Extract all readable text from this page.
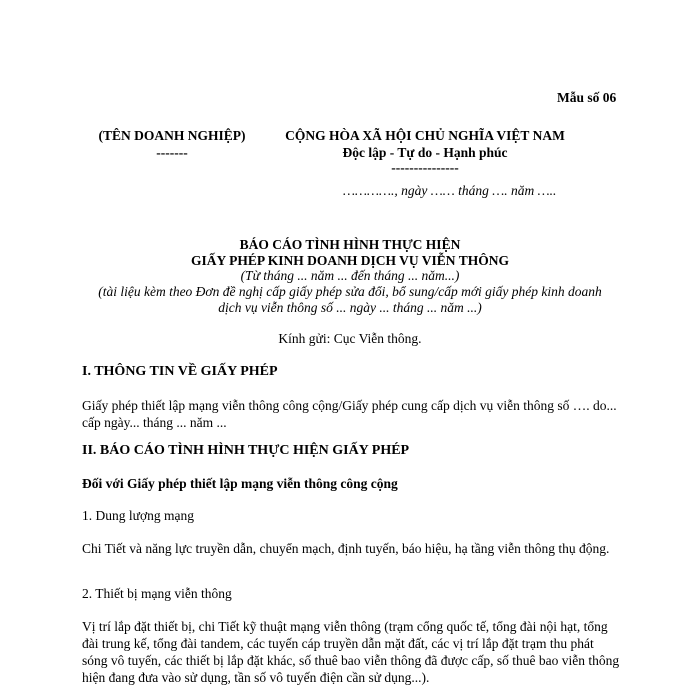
Mẫu số 06
(TÊN DOANH NGHIỆP)
-------
CỘNG HÒA XÃ HỘI CHỦ NGHĨA VIỆT NAM
Độc lập - Tự do - Hạnh phúc
---------------
…………., ngày …… tháng …. năm …..
BÁO CÁO TÌNH HÌNH THỰC HIỆN
GIẤY PHÉP KINH DOANH DỊCH VỤ VIỄN THÔNG
(Từ tháng ... năm ... đến tháng ... năm...)
(tài liệu kèm theo Đơn đề nghị cấp giấy phép sửa đổi, bổ sung/cấp mới giấy phép kinh doanh
dịch vụ viễn thông số ... ngày ... tháng ... năm ...)
Kính gửi: Cục Viễn thông.
I. THÔNG TIN VỀ GIẤY PHÉP
Giấy phép thiết lập mạng viễn thông công cộng/Giấy phép cung cấp dịch vụ viễn thông số …. do... cấp ngày... tháng ... năm ...
II. BÁO CÁO TÌNH HÌNH THỰC HIỆN GIẤY PHÉP
Đối với Giấy phép thiết lập mạng viễn thông công cộng
1. Dung lượng mạng
Chi Tiết và năng lực truyền dẫn, chuyển mạch, định tuyến, báo hiệu, hạ tầng viễn thông thụ động.
2. Thiết bị mạng viễn thông
Vị trí lắp đặt thiết bị, chi Tiết kỹ thuật mạng viễn thông (trạm cổng quốc tế, tổng đài nội hạt, tổng đài trung kế, tổng đài tandem, các tuyến cáp truyền dẫn mặt đất, các vị trí lắp đặt trạm thu phát sóng vô tuyến, các thiết bị lắp đặt khác, số thuê bao viễn thông đã được cấp, số thuê bao viễn thông hiện đang đưa vào sử dụng, tần số vô tuyến điện cần sử dụng...).
